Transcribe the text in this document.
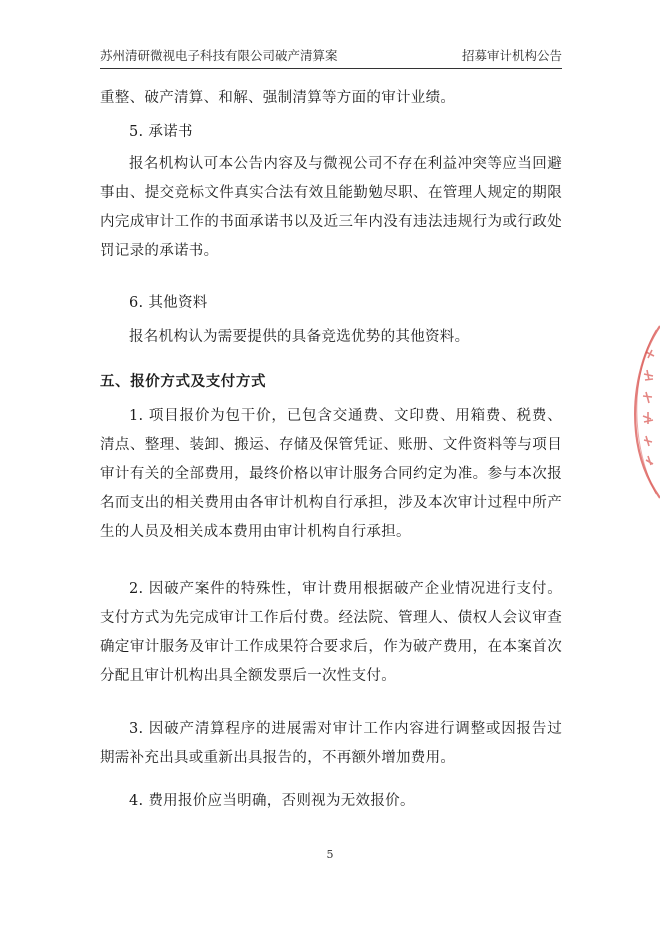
苏州清研微视电子科技有限公司破产清算案	招募审计机构公告
重整、破产清算、和解、强制清算等方面的审计业绩。
5. 承诺书
报名机构认可本公告内容及与微视公司不存在利益冲突等应当回避事由、提交竞标文件真实合法有效且能勤勉尽职、在管理人规定的期限内完成审计工作的书面承诺书以及近三年内没有违法违规行为或行政处罚记录的承诺书。
6. 其他资料
报名机构认为需要提供的具备竞选优势的其他资料。
五、报价方式及支付方式
1. 项目报价为包干价，已包含交通费、文印费、用箱费、税费、清点、整理、装卸、搬运、存储及保管凭证、账册、文件资料等与项目审计有关的全部费用，最终价格以审计服务合同约定为准。参与本次报名而支出的相关费用由各审计机构自行承担，涉及本次审计过程中所产生的人员及相关成本费用由审计机构自行承担。
2. 因破产案件的特殊性，审计费用根据破产企业情况进行支付。支付方式为先完成审计工作后付费。经法院、管理人、债权人会议审查确定审计服务及审计工作成果符合要求后，作为破产费用，在本案首次分配且审计机构出具全额发票后一次性支付。
3. 因破产清算程序的进展需对审计工作内容进行调整或因报告过期需补充出具或重新出具报告的，不再额外增加费用。
4. 费用报价应当明确，否则视为无效报价。
5
